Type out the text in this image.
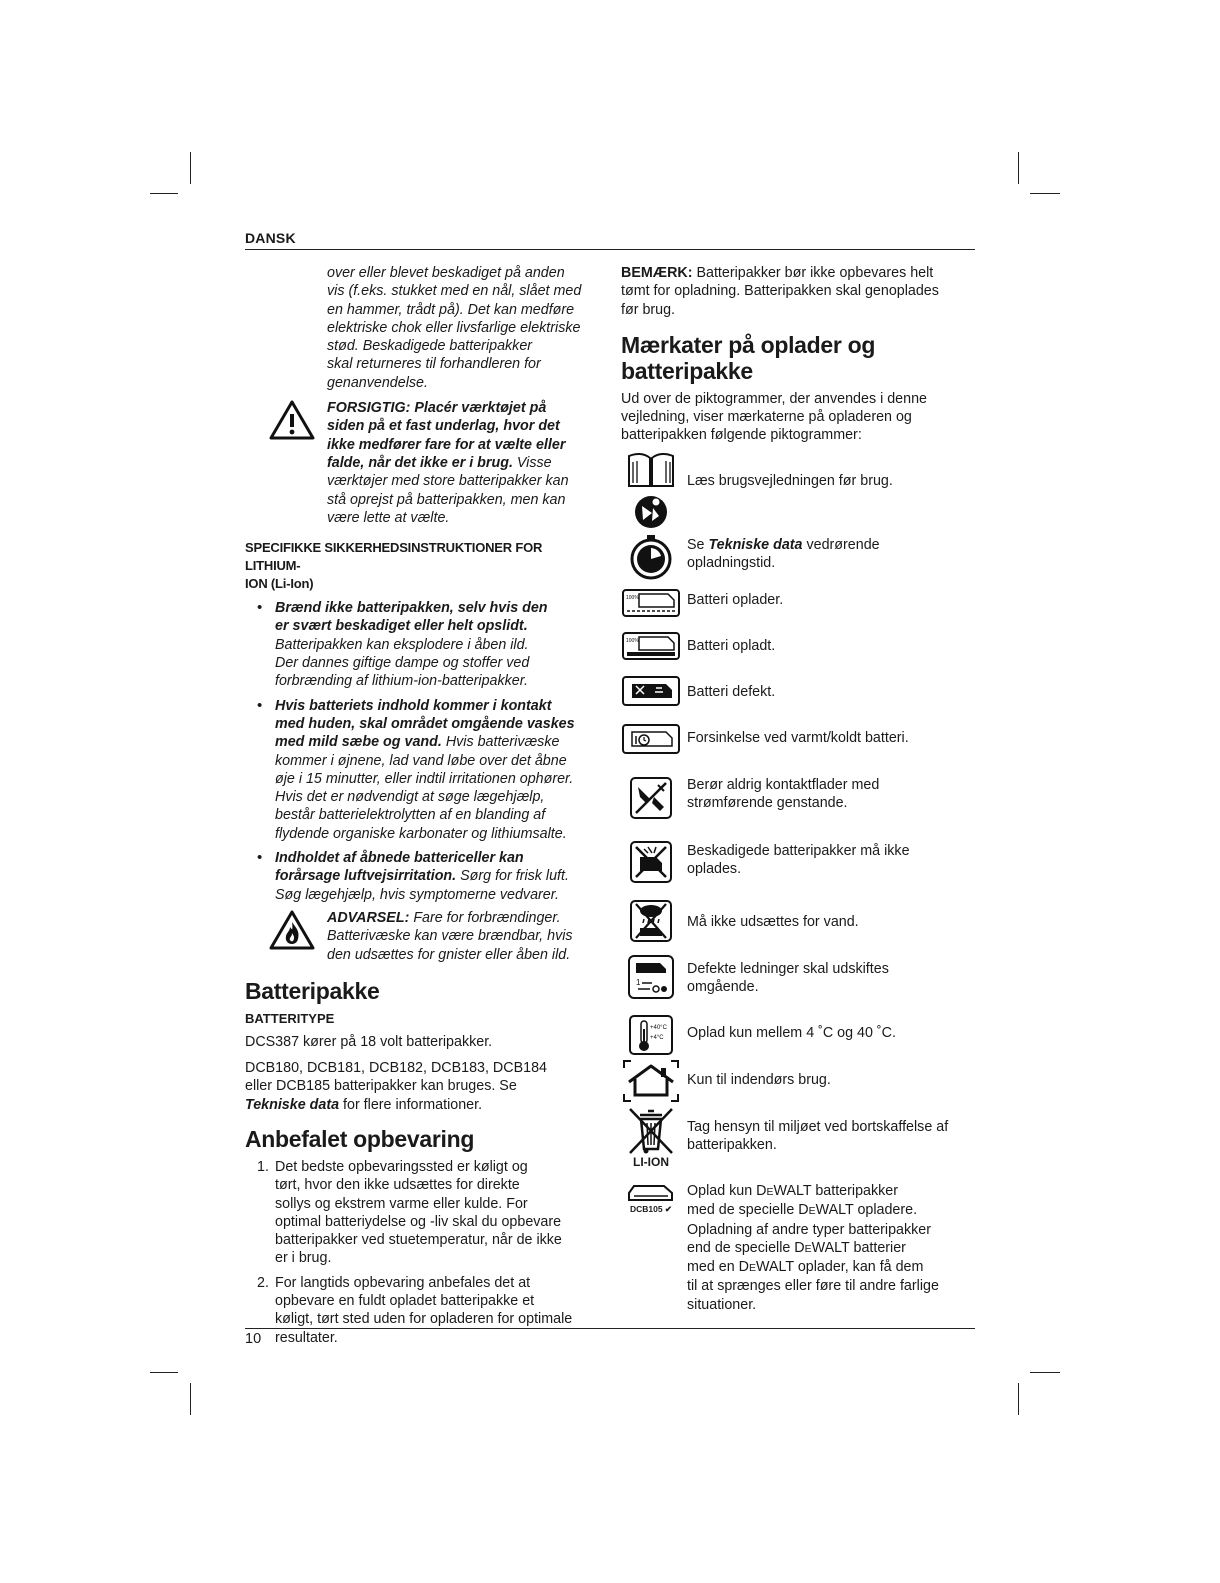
DANSK

over eller blevet beskadiget på anden

vis (f.eks. stukket med en nål, slået med

en hammer, trådt på). Det kan medføre

elektriske chok eller livsfarlige elektriske

stød. Beskadigede batteripakker

skal returneres til forhandleren for

genanvendelse.

FORSIGTIG: Placér værktøjet på

siden på et fast underlag, hvor det

ikke medfører fare for at vælte eller

falde, når det ikke er i brug. Visse

værktøjer med store batteripakker kan

stå oprejst på batteripakken, men kan

være lette at vælte.

SPECIFIKKE SIKKERHEDSINSTRUKTIONER FOR LITHIUM-

ION (Li-Ion)

• Brænd ikke batteripakken, selv hvis den

er svært beskadiget eller helt opslidt.

Batteripakken kan eksplodere i åben ild.

Der dannes giftige dampe og stoffer ved

forbrænding af lithium-ion-batteripakker.

• Hvis batteriets indhold kommer i kontakt

med huden, skal området omgående vaskes

med mild sæbe og vand. Hvis batterivæske

kommer i øjnene, lad vand løbe over det åbne

øje i 15 minutter, eller indtil irritationen ophører.

Hvis det er nødvendigt at søge lægehjælp,

består batterielektrolytten af en blanding af

flydende organiske karbonater og lithiumsalte.

• Indholdet af åbnede battericeller kan

forårsage luftvejsirritation. Sørg for frisk luft.

Søg lægehjælp, hvis symptomerne vedvarer.

ADVARSEL: Fare for forbrændinger.

Batterivæske kan være brændbar, hvis

den udsættes for gnister eller åben ild.

Batteripakke
BATTERITYPE

DCS387 kører på 18 volt batteripakker.

DCB180, DCB181, DCB182, DCB183, DCB184

eller DCB185 batteripakker kan bruges. Se

Tekniske data for flere informationer.

Anbefalet opbevaring
1. Det bedste opbevaringssted er køligt og

tørt, hvor den ikke udsættes for direkte

sollys og ekstrem varme eller kulde. For

optimal batteriydelse og -liv skal du opbevare

batteripakker ved stuetemperatur, når de ikke

er i brug.

2. For langtids opbevaring anbefales det at

opbevare en fuldt opladet batteripakke et

køligt, tørt sted uden for opladeren for optimale

resultater.

BEMÆRK: Batteripakker bør ikke opbevares helt

tømt for opladning. Batteripakken skal genoplades

før brug.

Mærkater på oplader og

batteripakke

Ud over de piktogrammer, der anvendes i denne

vejledning, viser mærkaterne på opladeren og

batteripakken følgende piktogrammer:

Læs brugsvejledningen før brug.

Se Tekniske data vedrørende

opladningstid.

100%	Batteri oplader.

100%	Batteri opladt.

Batteri defekt.

Forsinkelse ved varmt/koldt batteri.

Berør aldrig kontaktflader med

strømførende genstande.

Beskadigede batteripakker må ikke

oplades.

Må ikke udsættes for vand.

1

Defekte ledninger skal udskiftes

omgående.

+40°C
+4°C Oplad kun mellem 4 ˚C og 40 ˚C.

Kun til indendørs brug.

LI-ION

Tag hensyn til miljøet ved bortskaffelse af

batteripakken.

DCB105 ✔

Oplad kun DEWALT batteripakker

med de specielle DEWALT opladere.

Opladning af andre typer batteripakker

end de specielle DEWALT batterier

med en DEWALT oplader, kan få dem

til at sprænges eller føre til andre farlige

situationer.

10
